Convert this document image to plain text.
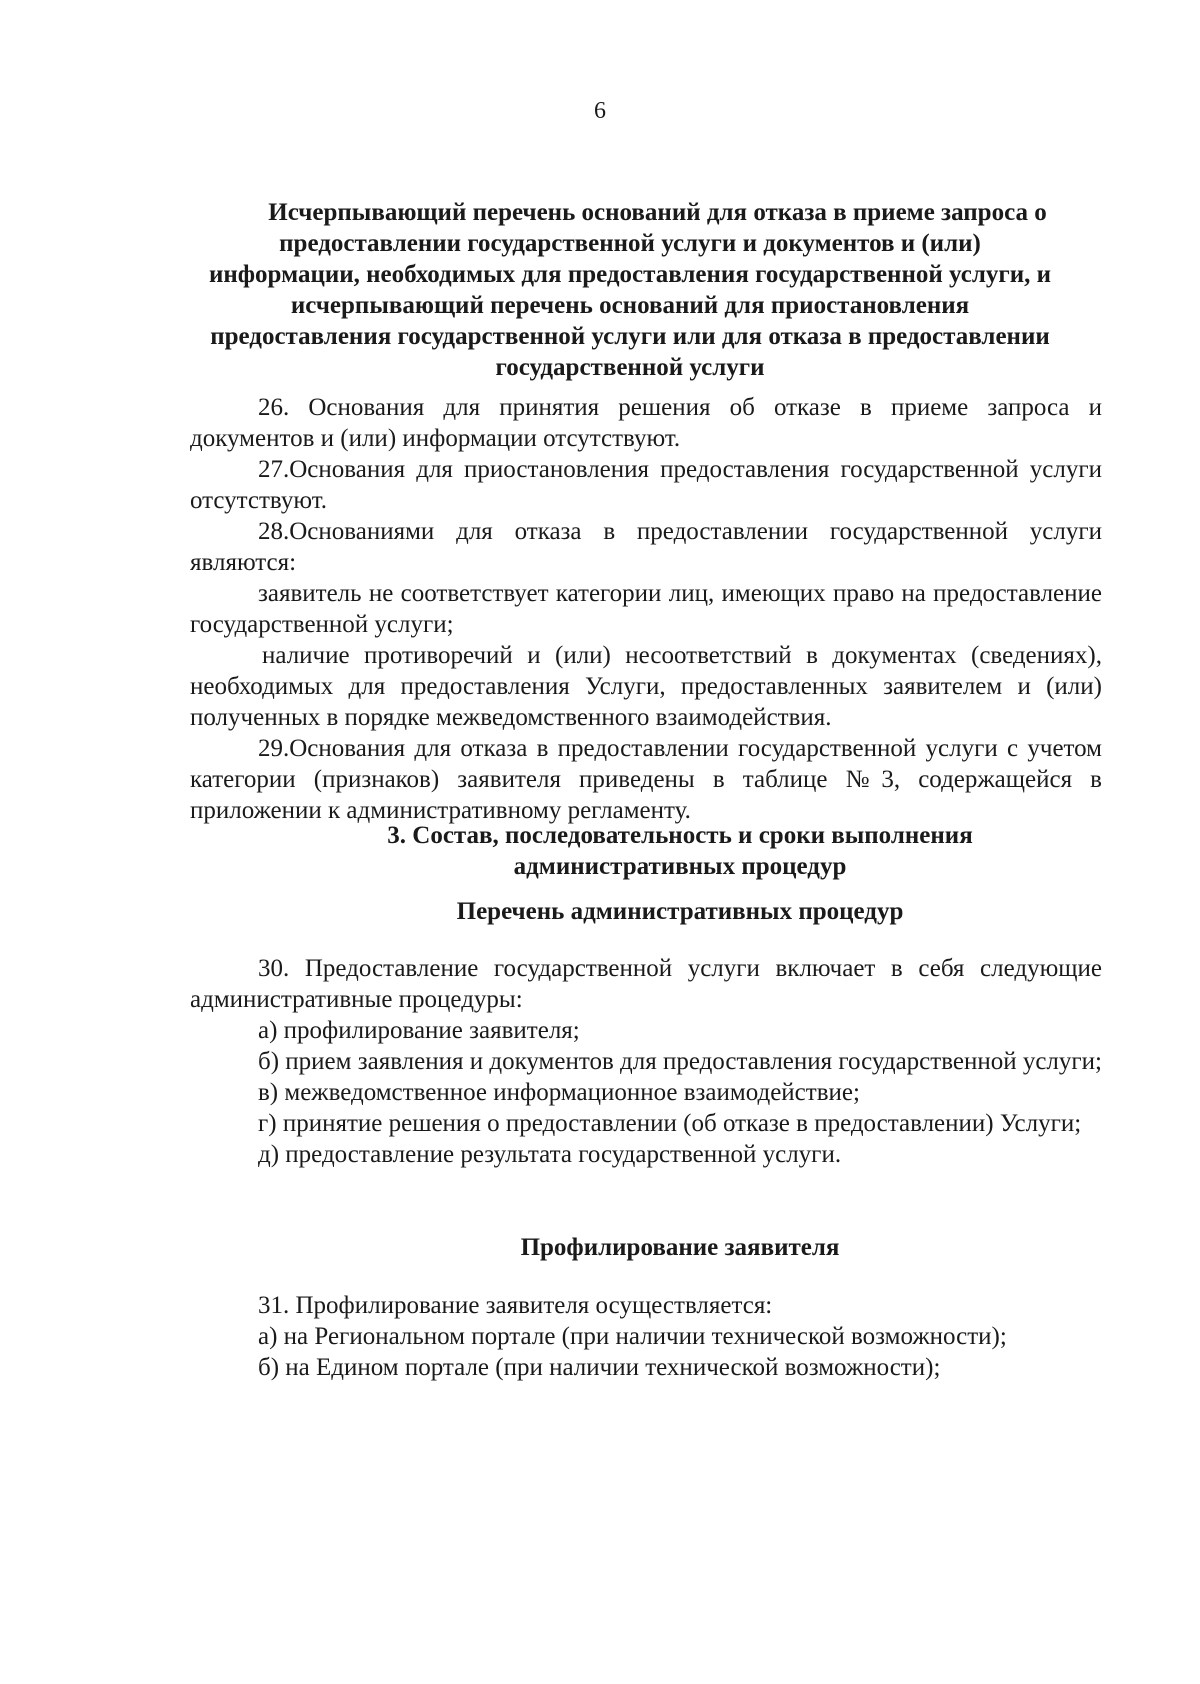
6
Исчерпывающий перечень оснований для отказа в приеме запроса о
предоставлении государственной услуги и документов и (или)
информации, необходимых для предоставления государственной услуги, и
исчерпывающий перечень оснований для приостановления
предоставления государственной услуги или для отказа в предоставлении
государственной услуги

26. Основания для принятия решения об отказе в приеме запроса и документов и (или) информации отсутствуют.

27.Основания для приостановления предоставления государственной услуги отсутствуют.

28.Основаниями для отказа в предоставлении государственной услуги являются:

заявитель не соответствует категории лиц, имеющих право на предоставление государственной услуги;

наличие противоречий и (или) несоответствий в документах (сведениях), необходимых для предоставления Услуги, предоставленных заявителем и (или) полученных в порядке межведомственного взаимодействия.

29.Основания для отказа в предоставлении государственной услуги с учетом категории (признаков) заявителя приведены в таблице №3, содержащейся в приложении к административному регламенту.

3. Состав, последовательность и сроки выполнения
административных процедур
Перечень административных процедур

30. Предоставление государственной услуги включает в себя следующие административные процедуры:

а) профилирование заявителя;

б) прием заявления и документов для предоставления государственной услуги;

в) межведомственное информационное взаимодействие;

г) принятие решения о предоставлении (об отказе в предоставлении) Услуги;

д) предоставление результата государственной услуги.

Профилирование заявителя

31. Профилирование заявителя осуществляется:

а) на Региональном портале (при наличии технической возможности);

б) на Едином портале (при наличии технической возможности);
